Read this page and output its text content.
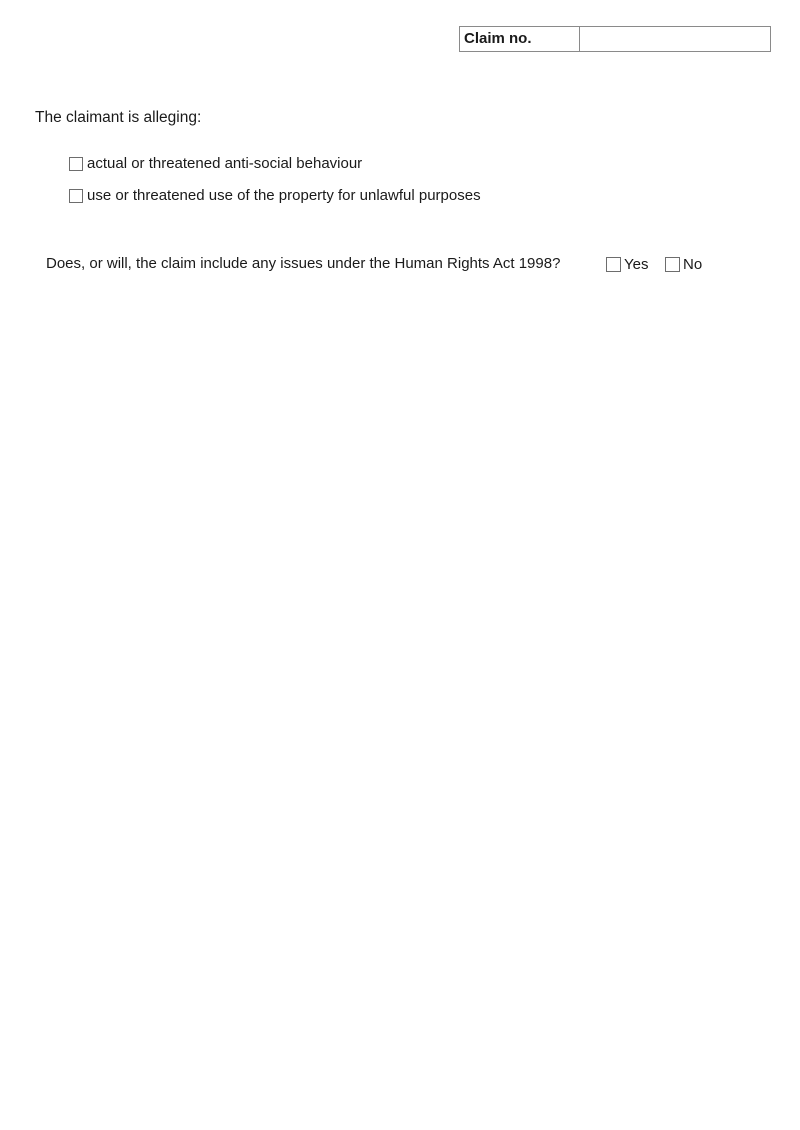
Claim no.
The claimant is alleging:
actual or threatened anti-social behaviour
use or threatened use of the property for unlawful purposes
Does, or will, the claim include any issues under the Human Rights Act 1998?	Yes No
